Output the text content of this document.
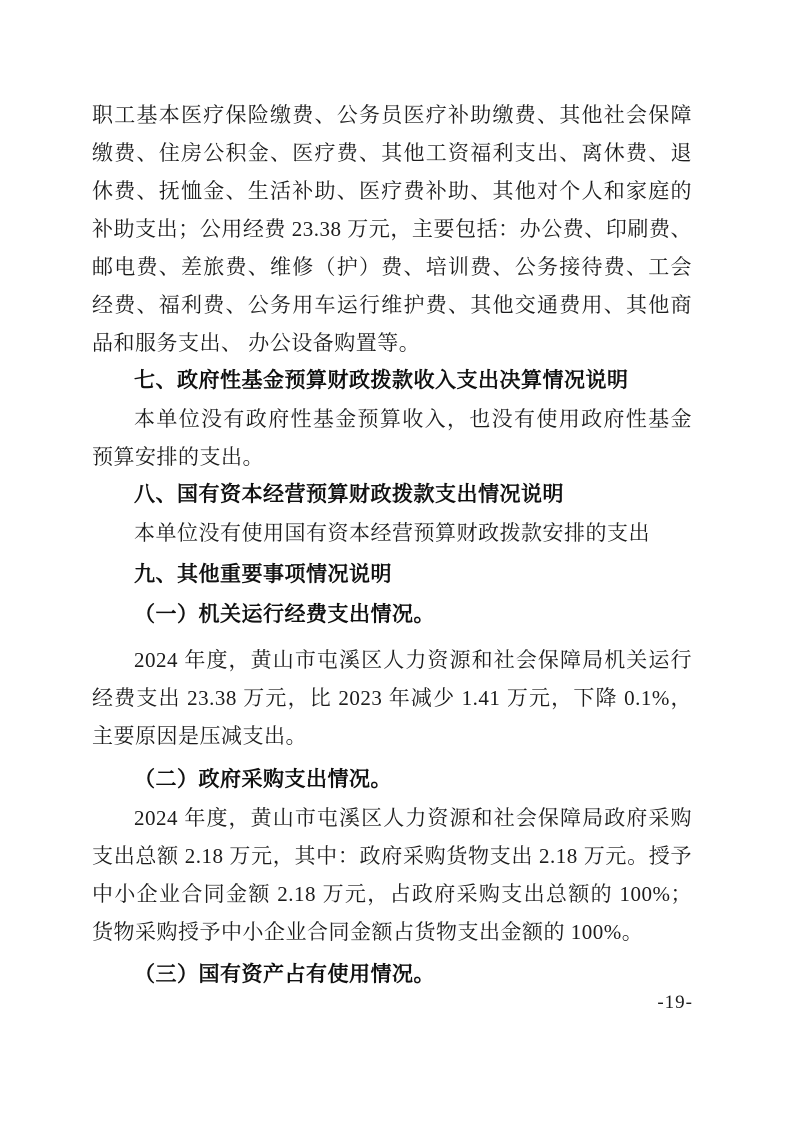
职工基本医疗保险缴费、公务员医疗补助缴费、其他社会保障缴费、住房公积金、医疗费、其他工资福利支出、离休费、退休费、抚恤金、生活补助、医疗费补助、其他对个人和家庭的补助支出；公用经费 23.38 万元，主要包括：办公费、印刷费、邮电费、差旅费、维修（护）费、培训费、公务接待费、工会经费、福利费、公务用车运行维护费、其他交通费用、其他商品和服务支出、 办公设备购置等。

七、政府性基金预算财政拨款收入支出决算情况说明

本单位没有政府性基金预算收入，也没有使用政府性基金预算安排的支出。

八、国有资本经营预算财政拨款支出情况说明

本单位没有使用国有资本经营预算财政拨款安排的支出

九、其他重要事项情况说明

（一）机关运行经费支出情况。

2024 年度，黄山市屯溪区人力资源和社会保障局机关运行经费支出 23.38 万元，比 2023 年减少 1.41 万元，下降 0.1%，主要原因是压减支出。

（二）政府采购支出情况。

2024 年度，黄山市屯溪区人力资源和社会保障局政府采购支出总额 2.18 万元，其中：政府采购货物支出 2.18 万元。授予中小企业合同金额 2.18 万元，占政府采购支出总额的 100%；货物采购授予中小企业合同金额占货物支出金额的 100%。

（三）国有资产占有使用情况。

-19-
